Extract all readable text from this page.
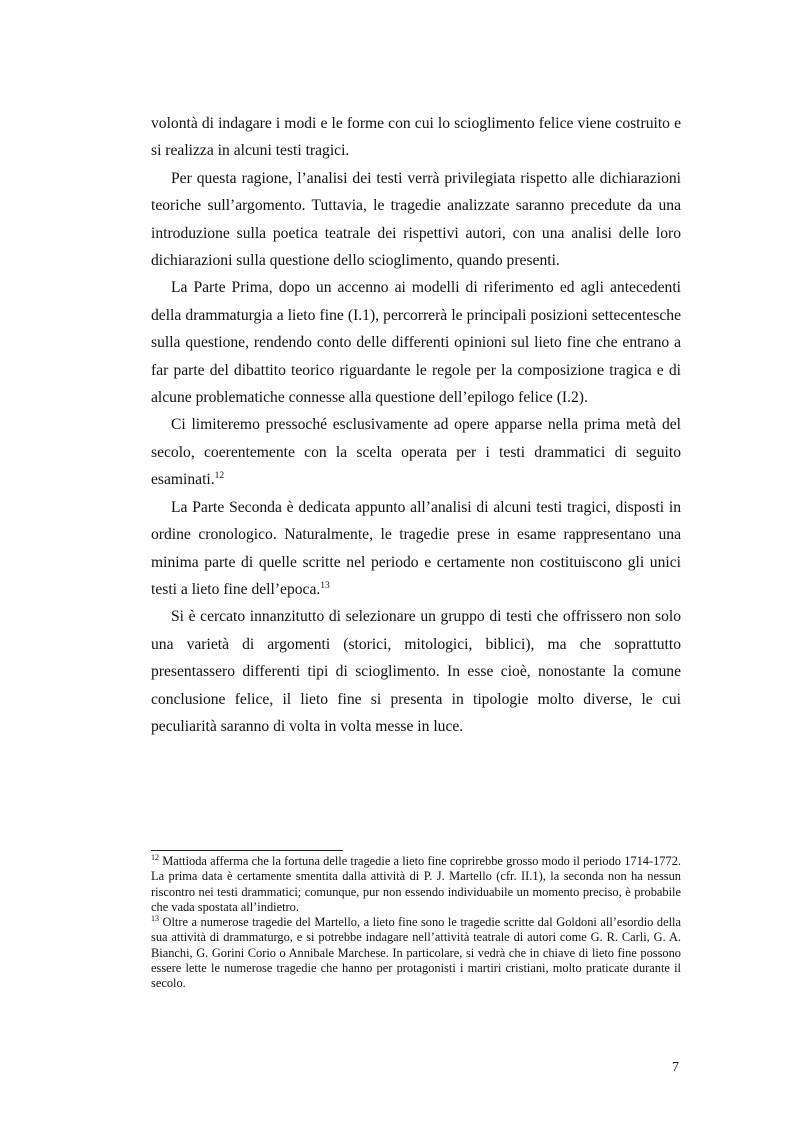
volontà di indagare i modi e le forme con cui lo scioglimento felice viene costruito e si realizza in alcuni testi tragici.

Per questa ragione, l’analisi dei testi verrà privilegiata rispetto alle dichiarazioni teoriche sull’argomento. Tuttavia, le tragedie analizzate saranno precedute da una introduzione sulla poetica teatrale dei rispettivi autori, con una analisi delle loro dichiarazioni sulla questione dello scioglimento, quando presenti.

La Parte Prima, dopo un accenno ai modelli di riferimento ed agli antecedenti della drammaturgia a lieto fine (I.1), percorrerà le principali posizioni settecentesche sulla questione, rendendo conto delle differenti opinioni sul lieto fine che entrano a far parte del dibattito teorico riguardante le regole per la composizione tragica e di alcune problematiche connesse alla questione dell’epilogo felice (I.2).

Ci limiteremo pressoché esclusivamente ad opere apparse nella prima metà del secolo, coerentemente con la scelta operata per i testi drammatici di seguito esaminati.$^{12}$

La Parte Seconda è dedicata appunto all’analisi di alcuni testi tragici, disposti in ordine cronologico. Naturalmente, le tragedie prese in esame rappresentano una minima parte di quelle scritte nel periodo e certamente non costituiscono gli unici testi a lieto fine dell’epoca.$^{13}$

Si è cercato innanzitutto di selezionare un gruppo di testi che offrissero non solo una varietà di argomenti (storici, mitologici, biblici), ma che soprattutto presentassero differenti tipi di scioglimento. In esse cioè, nonostante la comune conclusione felice, il lieto fine si presenta in tipologie molto diverse, le cui peculiarità saranno di volta in volta messe in luce.

$^{12}$ Mattioda afferma che la fortuna delle tragedie a lieto fine coprirebbe grosso modo il periodo 1714-1772. La prima data è certamente smentita dalla attività di P. J. Martello (cfr. II.1), la seconda non ha nessun riscontro nei testi drammatici; comunque, pur non essendo individuabile un momento preciso, è probabile che vada spostata all’indietro.

$^{13}$ Oltre a numerose tragedie del Martello, a lieto fine sono le tragedie scritte dal Goldoni all’esordio della sua attività di drammaturgo, e si potrebbe indagare nell’attività teatrale di autori come G. R. Carli, G. A. Bianchi, G. Gorini Corio o Annibale Marchese. In particolare, si vedrà che in chiave di lieto fine possono essere lette le numerose tragedie che hanno per protagonisti i martiri cristiani, molto praticate durante il secolo.

7
